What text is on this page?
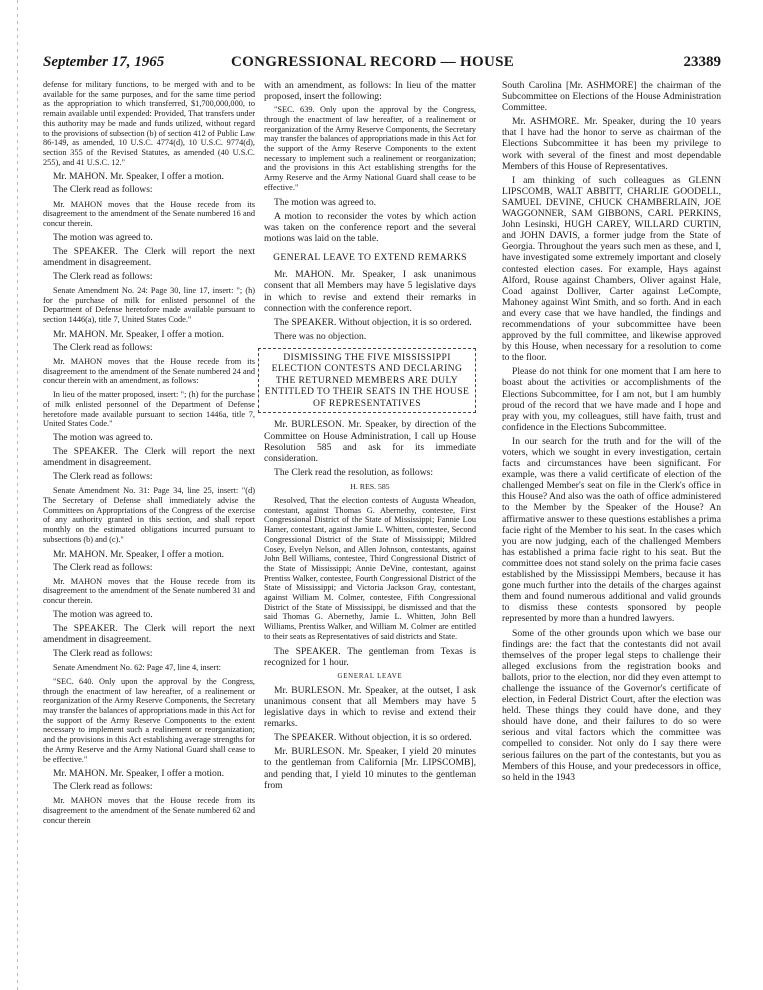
September 17, 1965	CONGRESSIONAL RECORD — HOUSE	23389

defense for military functions, to be merged with and to be available for the same purposes, and for the same time period as the appropriation to which transferred, $1,700,000,000, to remain available until expended: Provided, That transfers under this authority may be made and funds utilized, without regard to the provisions of subsection (b) of section 412 of Public Law 86-149, as amended, 10 U.S.C. 4774(d), 10 U.S.C. 9774(d), section 355 of the Revised Statutes, as amended (40 U.S.C. 255), and 41 U.S.C. 12."

Mr. MAHON. Mr. Speaker, I offer a motion.

The Clerk read as follows:

Mr. MAHON moves that the House recede from its disagreement to the amendment of the Senate numbered 16 and concur therein.

The motion was agreed to.

The SPEAKER. The Clerk will report the next amendment in disagreement.

The Clerk read as follows:

Senate Amendment No. 24: Page 30, line 17, insert: "; (h) for the purchase of milk for enlisted personnel of the Department of Defense heretofore made available pursuant to section 1446(a), title 7, United States Code."

Mr. MAHON. Mr. Speaker, I offer a motion.

The Clerk read as follows:

Mr. MAHON moves that the House recede from its disagreement to the amendment of the Senate numbered 24 and concur therein with an amendment, as follows:

In lieu of the matter proposed, insert: "; (h) for the purchase of milk enlisted personnel of the Department of Defense heretofore made available pursuant to section 1446a, title 7, United States Code."

The motion was agreed to.

The SPEAKER. The Clerk will report the next amendment in disagreement.

The Clerk read as follows:

Senate Amendment No. 31: Page 34, line 25, insert: "(d) The Secretary of Defense shall immediately advise the Committees on Appropriations of the Congress of the exercise of any authority granted in this section, and shall report monthly on the estimated obligations incurred pursuant to subsections (b) and (c)."

Mr. MAHON. Mr. Speaker, I offer a motion.

The Clerk read as follows:

Mr. MAHON moves that the House recede from its disagreement to the amendment of the Senate numbered 31 and concur therein.

The motion was agreed to.

The SPEAKER. The Clerk will report the next amendment in disagreement.

The Clerk read as follows:

Senate Amendment No. 62: Page 47, line 4, insert:

"SEC. 640. Only upon the approval by the Congress, through the enactment of law hereafter, of a realinement or reorganization of the Army Reserve Components, the Secretary may transfer the balances of appropriations made in this Act for the support of the Army Reserve Components to the extent necessary to implement such a realinement or reorganization; and the provisions in this Act establishing average strengths for the Army Reserve and the Army National Guard shall cease to be effective."

Mr. MAHON. Mr. Speaker, I offer a motion.

The Clerk read as follows:

Mr. MAHON moves that the House recede from its disagreement to the amendment of the Senate numbered 62 and concur therein

with an amendment, as follows: In lieu of the matter proposed, insert the following:

"SEC. 639. Only upon the approval by the Congress, through the enactment of law hereafter, of a realinement or reorganization of the Army Reserve Components, the Secretary may transfer the balances of appropriations made in this Act for the support of the Army Reserve Components to the extent necessary to implement such a realinement or reorganization; and the provisions in this Act establishing strengths for the Army Reserve and the Army National Guard shall cease to be effective."

The motion was agreed to.

A motion to reconsider the votes by which action was taken on the conference report and the several motions was laid on the table.

GENERAL LEAVE TO EXTEND REMARKS

Mr. MAHON. Mr. Speaker, I ask unanimous consent that all Members may have 5 legislative days in which to revise and extend their remarks in connection with the conference report.

The SPEAKER. Without objection, it is so ordered.

There was no objection.

DISMISSING THE FIVE MISSISSIPPI ELECTION CONTESTS AND DECLARING THE RETURNED MEMBERS ARE DULY ENTITLED TO THEIR SEATS IN THE HOUSE OF REPRESENTATIVES

Mr. BURLESON. Mr. Speaker, by direction of the Committee on House Administration, I call up House Resolution 585 and ask for its immediate consideration.

The Clerk read the resolution, as follows:

H. RES. 585

Resolved, That the election contests of Augusta Wheadon, contestant, against Thomas G. Abernethy, contestee, First Congressional District of the State of Mississippi; Fannie Lou Hamer, contestant, against Jamie L. Whitten, contestee, Second Congressional District of the State of Mississippi; Mildred Cosey, Evelyn Nelson, and Allen Johnson, contestants, against John Bell Williams, contestee, Third Congressional District of the State of Mississippi; Annie DeVine, contestant, against Prentiss Walker, contestee, Fourth Congressional District of the State of Mississippi; and Victoria Jackson Gray, contestant, against William M. Colmer, contestee, Fifth Congressional District of the State of Mississippi, be dismissed and that the said Thomas G. Abernethy, Jamie L. Whitten, John Bell Williams, Prentiss Walker, and William M. Colmer are entitled to their seats as Representatives of said districts and State.

The SPEAKER. The gentleman from Texas is recognized for 1 hour.

GENERAL LEAVE

Mr. BURLESON. Mr. Speaker, at the outset, I ask unanimous consent that all Members may have 5 legislative days in which to revise and extend their remarks.

The SPEAKER. Without objection, it is so ordered.

Mr. BURLESON. Mr. Speaker, I yield 20 minutes to the gentleman from California [Mr. LIPSCOMB], and pending that, I yield 10 minutes to the gentleman from

South Carolina [Mr. ASHMORE] the chairman of the Subcommittee on Elections of the House Administration Committee.

Mr. ASHMORE. Mr. Speaker, during the 10 years that I have had the honor to serve as chairman of the Elections Subcommittee it has been my privilege to work with several of the finest and most dependable Members of this House of Representatives.

I am thinking of such colleagues as GLENN LIPSCOMB, WALT ABBITT, CHARLIE GOODELL, SAMUEL DEVINE, CHUCK CHAMBERLAIN, JOE WAGGONNER, SAM GIBBONS, CARL PERKINS, John Lesinski, HUGH CAREY, WILLARD CURTIN, and JOHN DAVIS, a former judge from the State of Georgia. Throughout the years such men as these, and I, have investigated some extremely important and closely contested election cases. For example, Hays against Alford, Rouse against Chambers, Oliver against Hale, Coad against Dolliver, Carter against LeCompte, Mahoney against Wint Smith, and so forth. And in each and every case that we have handled, the findings and recommendations of your subcommittee have been approved by the full committee, and likewise approved by this House, when necessary for a resolution to come to the floor.

Please do not think for one moment that I am here to boast about the activities or accomplishments of the Elections Subcommittee, for I am not, but I am humbly proud of the record that we have made and I hope and pray with you, my colleagues, still have faith, trust and confidence in the Elections Subcommittee.

In our search for the truth and for the will of the voters, which we sought in every investigation, certain facts and circumstances have been significant. For example, was there a valid certificate of election of the challenged Member's seat on file in the Clerk's office in this House? And also was the oath of office administered to the Member by the Speaker of the House? An affirmative answer to these questions establishes a prima facie right of the Member to his seat. In the cases which you are now judging, each of the challenged Members has established a prima facie right to his seat. But the committee does not stand solely on the prima facie cases established by the Mississippi Members, because it has gone much further into the details of the charges against them and found numerous additional and valid grounds to dismiss these contests sponsored by people represented by more than a hundred lawyers.

Some of the other grounds upon which we base our findings are: the fact that the contestants did not avail themselves of the proper legal steps to challenge their alleged exclusions from the registration books and ballots, prior to the election, nor did they even attempt to challenge the issuance of the Governor's certificate of election, in Federal District Court, after the election was held. These things they could have done, and they should have done, and their failures to do so were serious and vital factors which the committee was compelled to consider. Not only do I say there were serious failures on the part of the contestants, but you as Members of this House, and your predecessors in office, so held in the 1943
